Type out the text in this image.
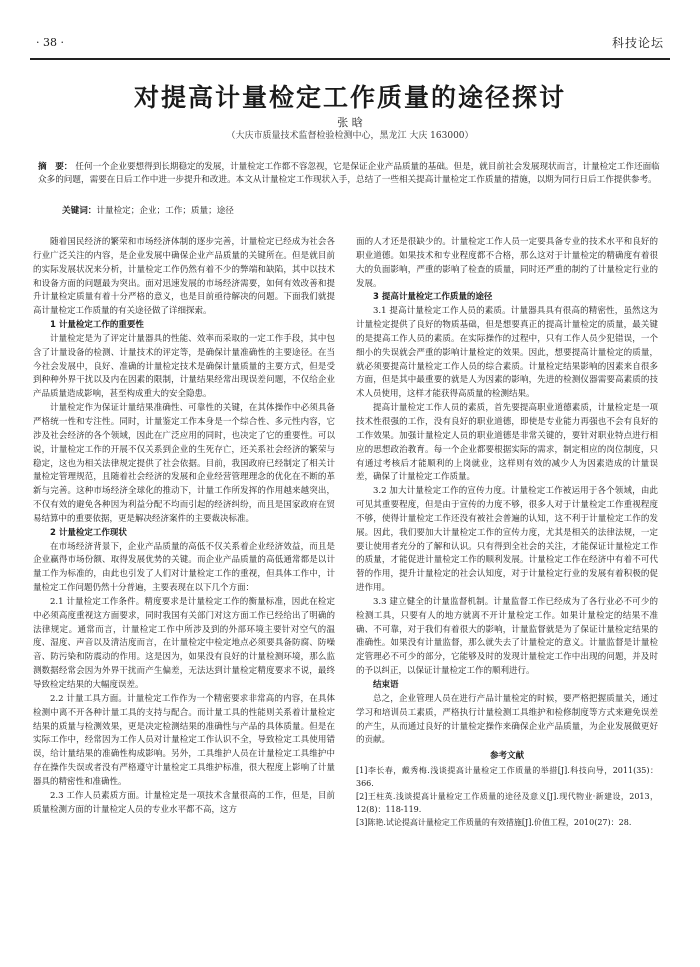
· 38 ·	科技论坛
对提高计量检定工作质量的途径探讨
张 晗
（大庆市质量技术监督检验检测中心，黑龙江 大庆 163000）
摘　要： 任何一个企业要想得到长期稳定的发展，计量检定工作都不容忽视，它是保证企业产品质量的基础。但是，就目前社会发展现状而言，计量检定工作还面临众多的问题，需要在日后工作中进一步提升和改进。本文从计量检定工作现状入手，总结了一些相关提高计量检定工作质量的措施，以期为同行日后工作提供参考。
关键词：计量检定；企业；工作；质量；途径

随着国民经济的繁荣和市场经济体制的逐步完善，计量检定已经成为社会各行业广泛关注的内容，是企业发展中确保企业产品质量的关键所在。但是就目前的实际发展状况来分析，计量检定工作仍然有着不少的弊端和缺陷，其中以技术和设备方面的问题最为突出。面对迅速发展的市场经济需要，如何有效改善和提升计量检定质量有着十分严格的意义，也是目前亟待解决的问题。下面我们就提高计量检定工作质量的有关途径做了详细探索。

1 计量检定工作的重要性

计量检定是为了评定计量器具的性能、效率而采取的一定工作手段，其中包含了计量设备的检测、计量技术的评定等，是确保计量准确性的主要途径。在当今社会发展中，良好、准确的计量检定技术是确保计量质量的主要方式，但是受到种种外界干扰以及内在因素的限制，计量结果经常出现误差问题，不仅给企业产品质量造成影响，甚至构成重大的安全隐患。

计量检定作为保证计量结果准确性、可靠性的关键，在其体操作中必须具备严格统一性和专注性。同时，计量鉴定工作本身是一个综合性、多元性内容，它涉及社会经济的各个领域，因此在广泛应用的同时，也决定了它的重要性。可以说，计量检定工作的开展不仅关系到企业的生死存亡，还关系社会经济的繁荣与稳定，这也为相关法律规定提供了社会依据。目前，我国政府已经制定了相关计量检定管理规范，且随着社会经济的发展和企业经营管理理念的优化在不断的革新与完善。这种市场经济全球化的推动下，计量工作所发挥的作用越来越突出，不仅有效的避免各种因为利益分配不均而引起的经济纠纷，而且是国家政府在贸易结算中的重要依据，更是解决经济案件的主要裁决标准。

2 计量检定工作现状

在市场经济背景下，企业产品质量的高低不仅关系着企业经济效益，而且是企业赢得市场份额、取得发展优势的关键。而企业产品质量的高低通常都是以计量工作为标准的，由此也引发了人们对计量检定工作的重视，但具体工作中，计量检定工作问题仍然十分普遍，主要表现在以下几个方面：

2.1 计量检定工作条件。精度要求是计量检定工作的衡量标准，因此在检定中必须高度重视这方面要求，同时我国有关部门对这方面工作已经给出了明确的法律规定。通常而言，计量检定工作中所涉及到的外部环境主要针对空气的温度、湿度、声音以及清洁度而言，在计量检定中检定地点必须要具备防腐、防噪音、防污染和防震动的作用。这是因为，如果没有良好的计量检测环境，那么监测数据经常会因为外界干扰而产生偏差，无法达到计量检定精度要求不说，最终导致检定结果的大幅度误差。

2.2 计量工具方面。计量检定工作作为一个精密要求非常高的内容，在具体检测中离不开各种计量工具的支持与配合。而计量工具的性能则关系着计量检定结果的质量与检测效果，更是决定检测结果的准确性与产品的具体质量。但是在实际工作中，经常因为工作人员对计量检定工作认识不全，导致检定工具使用错误，给计量结果的准确性构成影响。另外，工具维护人员在计量检定工具维护中存在操作失误或者没有严格遵守计量检定工具维护标准，很大程度上影响了计量器具的精密性和准确性。

2.3 工作人员素质方面。计量检定是一项技术含量很高的工作，但是，目前质量检测方面的计量检定人员的专业水平都不高，这方

面的人才还是很缺少的。计量检定工作人员一定要具备专业的技术水平和良好的职业道德。如果技术和专业程度都不合格，那么这对于计量检定的精确度有着很大的负面影响，严重的影响了检查的质量，同时还严重的制约了计量检定行业的发展。

3 提高计量检定工作质量的途径

3.1 提高计量检定工作人员的素质。计量器具具有很高的精密性，虽然这为计量检定提供了良好的物质基础，但是想要真正的提高计量检定的质量，最关键的是提高工作人员的素质。在实际操作的过程中，只有工作人员少犯错误，一个细小的失误就会严重的影响计量检定的效果。因此，想要提高计量检定的质量，就必须要提高计量检定工作人员的综合素质。计量检定结果影响的因素来自很多方面，但是其中最重要的就是人为因素的影响，先进的检测仪器需要高素质的技术人员使用，这样才能获得高质量的检测结果。

提高计量检定工作人员的素质，首先要提高职业道德素质，计量检定是一项技术性很强的工作，没有良好的职业道德，即使是专业能力再强也不会有良好的工作效果。加强计量检定人员的职业道德是非常关键的，要针对职业特点进行相应的思想政治教育。每一个企业都要根据实际的需求，制定相应的岗位制度，只有通过考核后才能顺利的上岗就业，这样则有效的减少人为因素造成的计量误差，确保了计量检定工作质量。

3.2 加大计量检定工作的宣传力度。计量检定工作被运用于各个领域，由此可见其重要程度，但是由于宣传的力度不够，很多人对于计量检定工作重视程度不够，使得计量检定工作还没有被社会普遍的认知，这不利于计量检定工作的发展。因此，我们要加大计量检定工作的宣传力度，尤其是相关的法律法规，一定要让使用者充分的了解和认识。只有得到全社会的关注，才能保证计量检定工作的质量，才能促进计量检定工作的顺利发展。计量检定工作在经济中有着不可代替的作用，提升计量检定的社会认知度，对于计量检定行业的发展有着积极的促进作用。

3.3 建立健全的计量监督机制。计量监督工作已经成为了各行业必不可少的检测工具，只要有人的地方就离不开计量检定工作。如果计量检定的结果不准确、不可靠，对于我们有着很大的影响，计量监督就是为了保证计量检定结果的准确性。如果没有计量监督，那么就失去了计量检定的意义。计量监督是计量检定管理必不可少的部分，它能够及时的发现计量检定工作中出现的问题，并及时的予以纠正，以保证计量检定工作的顺利进行。

结束语

总之，企业管理人员在进行产品计量检定的时候，要严格把握质量关，通过学习和培训员工素质，严格执行计量检测工具维护和检修制度等方式来避免误差的产生，从而通过良好的计量检定操作来确保企业产品质量，为企业发展做更好的贡献。

参考文献

[1]李长春，戴秀梅.浅谈提高计量检定工作质量的举措[J].科技向导，2011(35)：366.

[2]王柱英.浅谈提高计量检定工作质量的途径及意义[J].现代物业·新建设，2013，12(8)：118-119.

[3]陈艳.试论提高计量检定工作质量的有效措施[J].价值工程，2010(27)：28.
